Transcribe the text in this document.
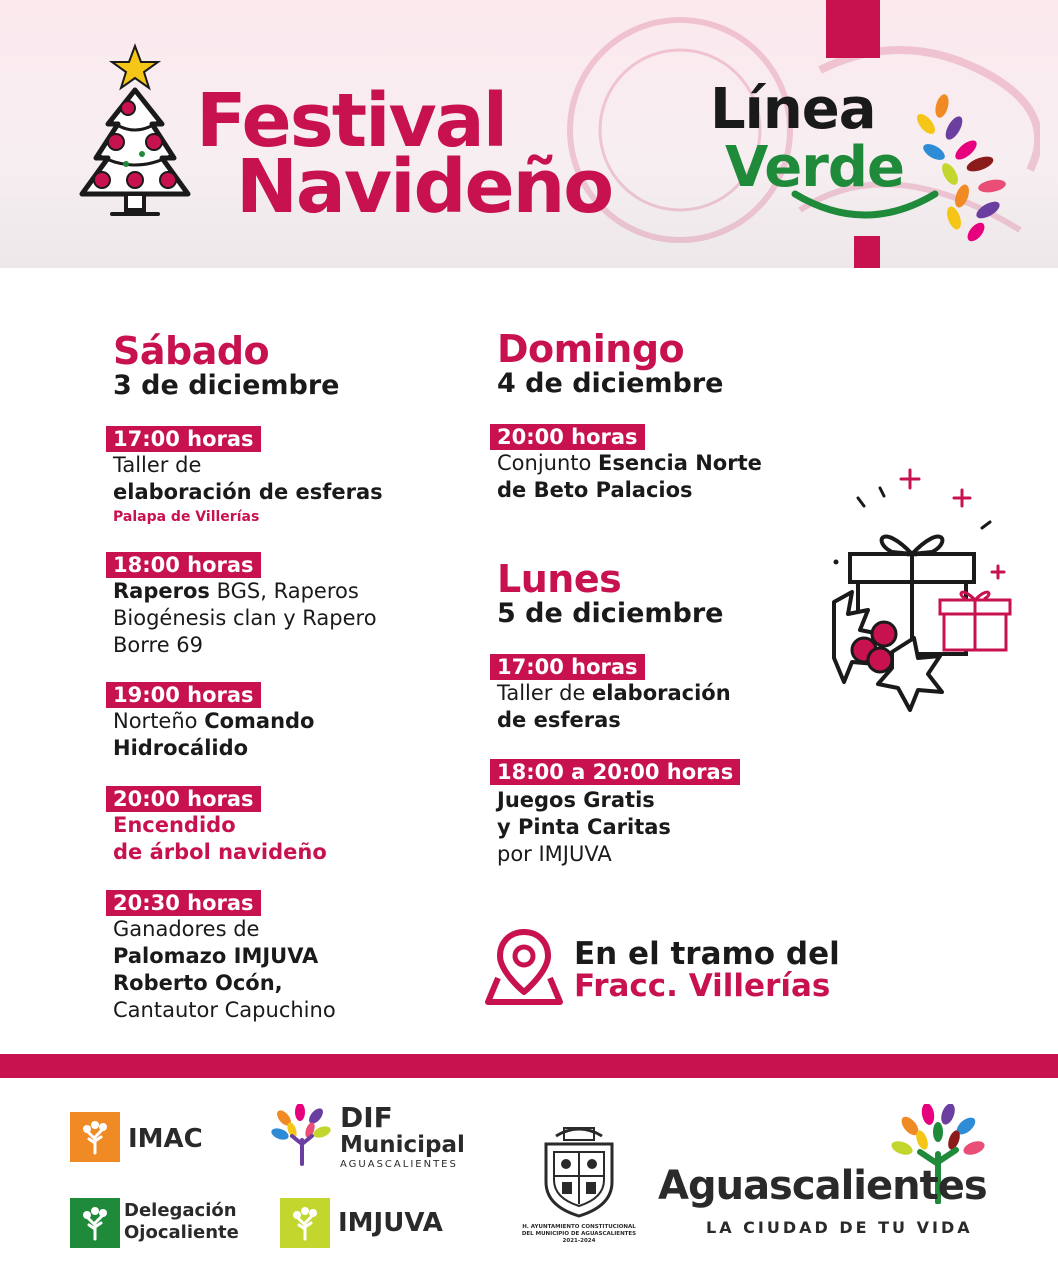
Festival
Navideño
Línea
Verde
Sábado
3 de diciembre
17:00 horas
Taller de
elaboración de esferas
Palapa de Villerías
18:00 horas
Raperos BGS, Raperos
Biogénesis clan y Rapero
Borre 69
19:00 horas
Norteño Comando
Hidrocálido
20:00 horas
Encendido
de árbol navideño
20:30 horas
Ganadores de
Palomazo IMJUVA
Roberto Ocón,
Cantautor Capuchino
Domingo
4 de diciembre
20:00 horas
Conjunto Esencia Norte
de Beto Palacios
Lunes
5 de diciembre
17:00 horas
Taller de elaboración
de esferas
18:00 a 20:00 horas
Juegos Gratis
y Pinta Caritas
por IMJUVA
En el tramo del
Fracc. Villerías
IMAC
Delegación
Ojocaliente
DIF
Municipal
AGUASCALIENTES
IMJUVA	H. AYUNTAMIENTO CONSTITUCIONAL
DEL MUNICIPIO DE AGUASCALIENTES
2021-2024
Aguascalientes
LA CIUDAD DE TU VIDA
